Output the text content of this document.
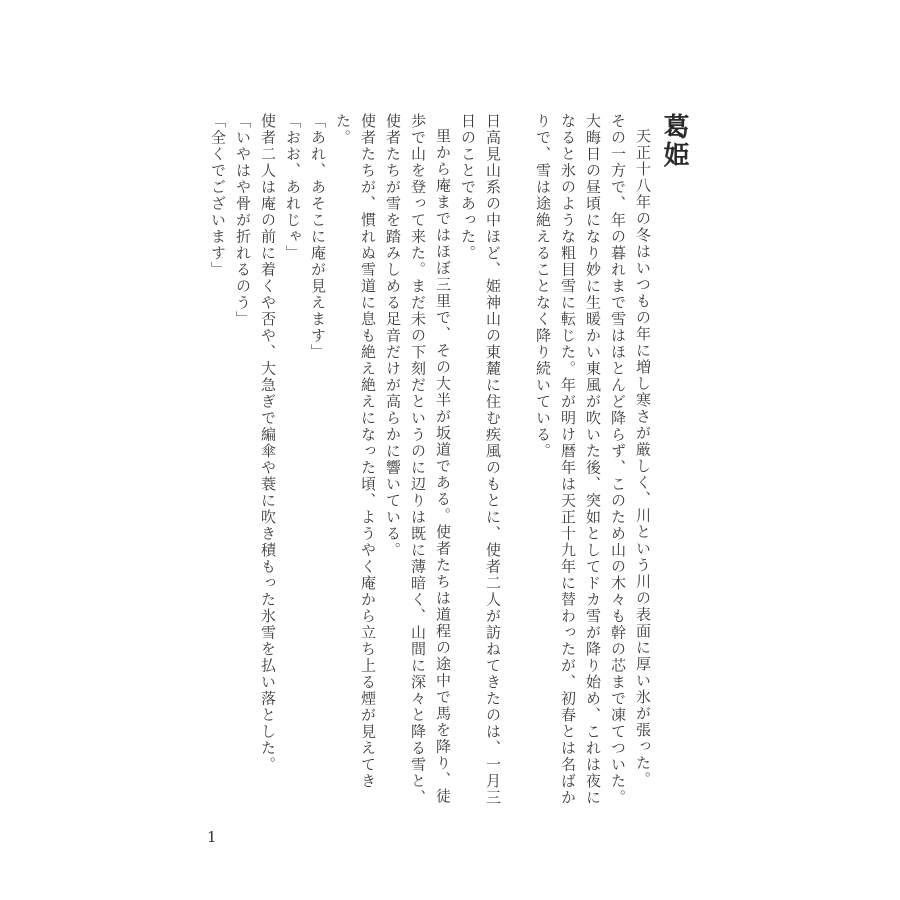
葛姫

天正十八年の冬はいつもの年に増し寒さが厳しく、川という川の表面に厚い氷が張った。

その一方で、年の暮れまで雪はほとんど降らず、このため山の木々も幹の芯まで凍てついた。

大晦日の昼頃になり妙に生暖かい東風が吹いた後、突如としてドカ雪が降り始め、これは夜になると氷のような粗目雪に転じた。年が明け暦年は天正十九年に替わったが、初春とは名ばかりで、雪は途絶えることなく降り続いている。

日高見山系の中ほど、姫神山の東麓に住む疾風のもとに、使者二人が訪ねてきたのは、一月三日のことであった。

里から庵まではほぼ三里で、その大半が坂道である。使者たちは道程の途中で馬を降り、徒歩で山を登って来た。まだ未の下刻だというのに辺りは既に薄暗く、山間に深々と降る雪と、使者たちが雪を踏みしめる足音だけが高らかに響いている。

使者たちが、慣れぬ雪道に息も絶え絶えになった頃、ようやく庵から立ち上る煙が見えてきた。

「あれ、あそこに庵が見えます」

「おお、あれじゃ」

使者二人は庵の前に着くや否や、大急ぎで編傘や蓑に吹き積もった氷雪を払い落とした。

「いやはや骨が折れるのう」

「全くでございます」

1
